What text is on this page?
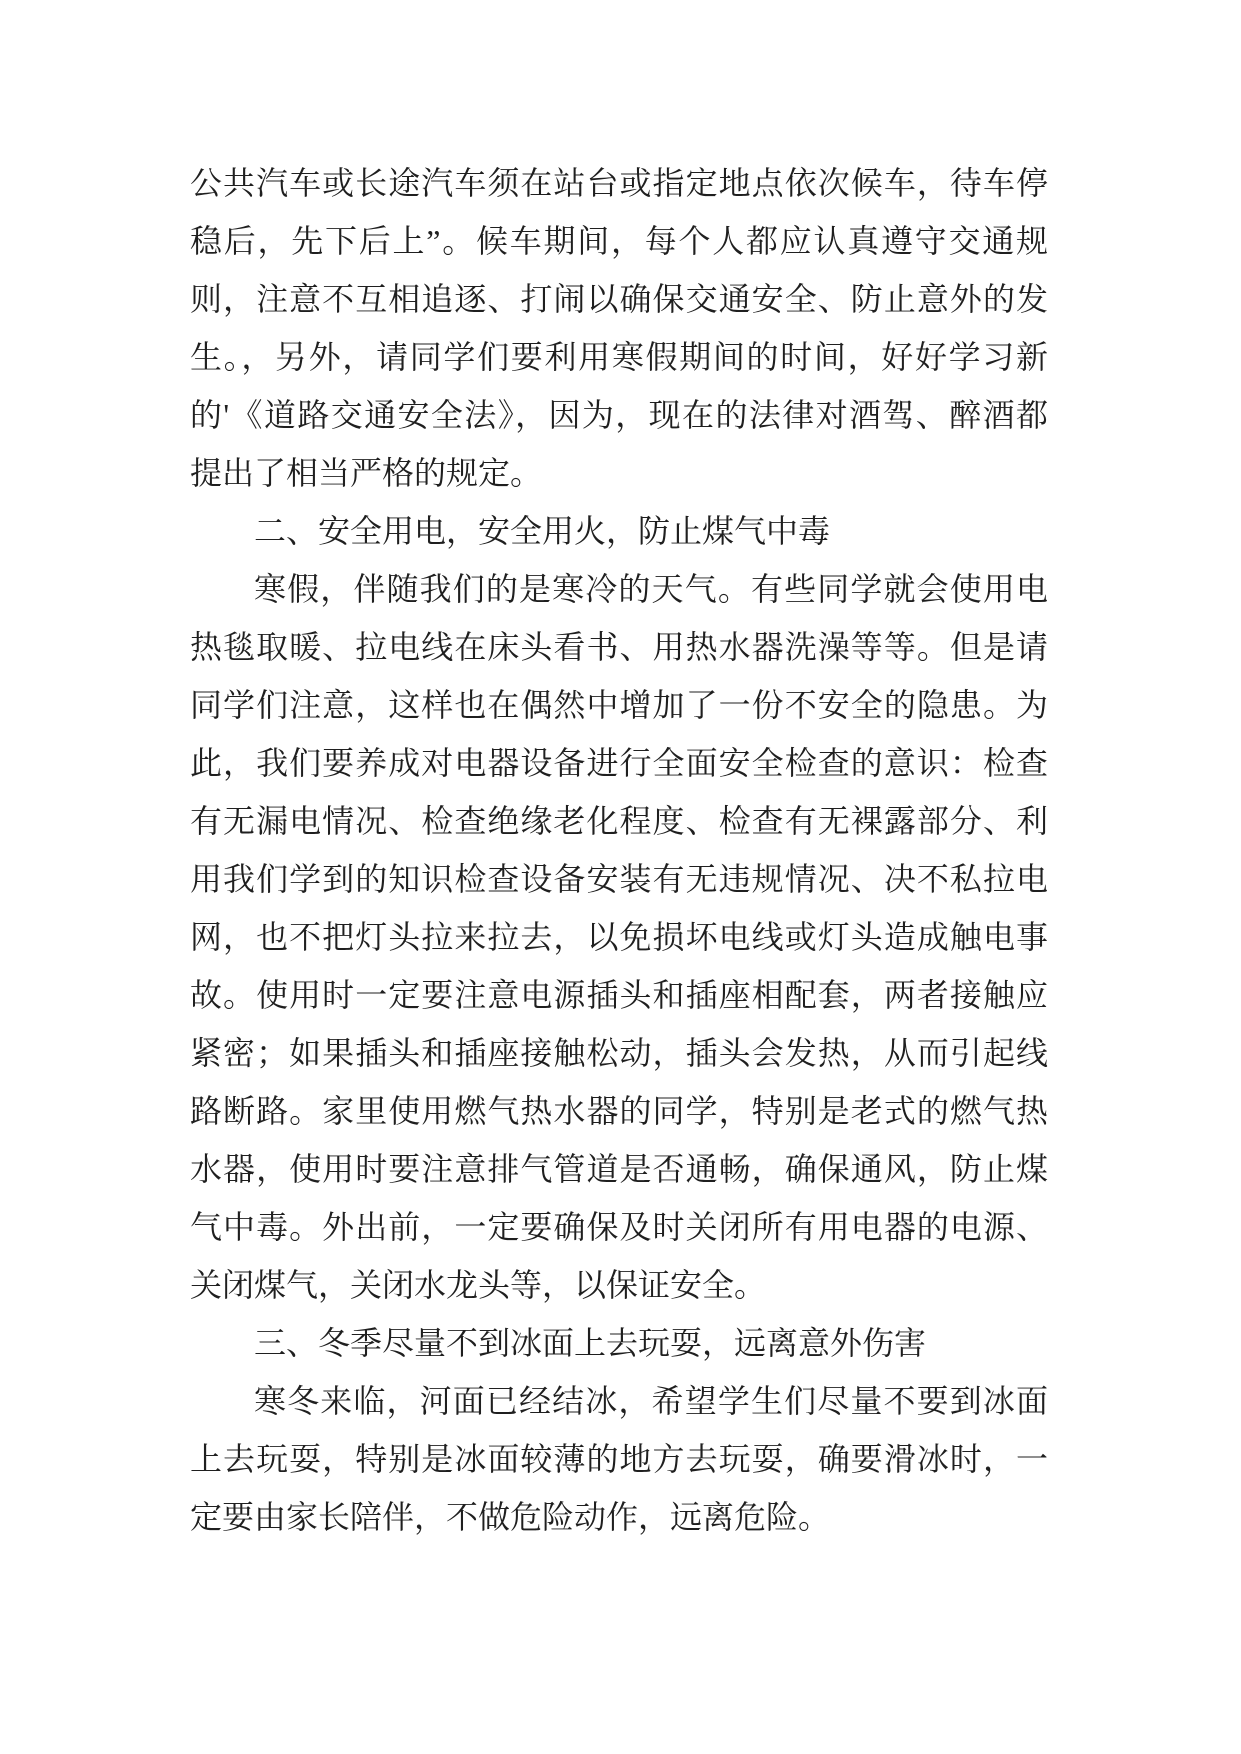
公共汽车或长途汽车须在站台或指定地点依次候车，待车停
稳后，先下后上”。候车期间，每个人都应认真遵守交通规
则，注意不互相追逐、打闹以确保交通安全、防止意外的发
生。，另外，请同学们要利用寒假期间的时间，好好学习新
的'《道路交通安全法》，因为，现在的法律对酒驾、醉酒都
提出了相当严格的规定。
二、安全用电，安全用火，防止煤气中毒
寒假，伴随我们的是寒冷的天气。有些同学就会使用电
热毯取暖、拉电线在床头看书、用热水器洗澡等等。但是请
同学们注意，这样也在偶然中增加了一份不安全的隐患。为
此，我们要养成对电器设备进行全面安全检查的意识：检查
有无漏电情况、检查绝缘老化程度、检查有无裸露部分、利
用我们学到的知识检查设备安装有无违规情况、决不私拉电
网，也不把灯头拉来拉去，以免损坏电线或灯头造成触电事
故。使用时一定要注意电源插头和插座相配套，两者接触应
紧密；如果插头和插座接触松动，插头会发热，从而引起线
路断路。家里使用燃气热水器的同学，特别是老式的燃气热
水器，使用时要注意排气管道是否通畅，确保通风，防止煤
气中毒。外出前，一定要确保及时关闭所有用电器的电源、
关闭煤气，关闭水龙头等，以保证安全。
三、冬季尽量不到冰面上去玩耍，远离意外伤害
寒冬来临，河面已经结冰，希望学生们尽量不要到冰面
上去玩耍，特别是冰面较薄的地方去玩耍，确要滑冰时，一
定要由家长陪伴，不做危险动作，远离危险。
